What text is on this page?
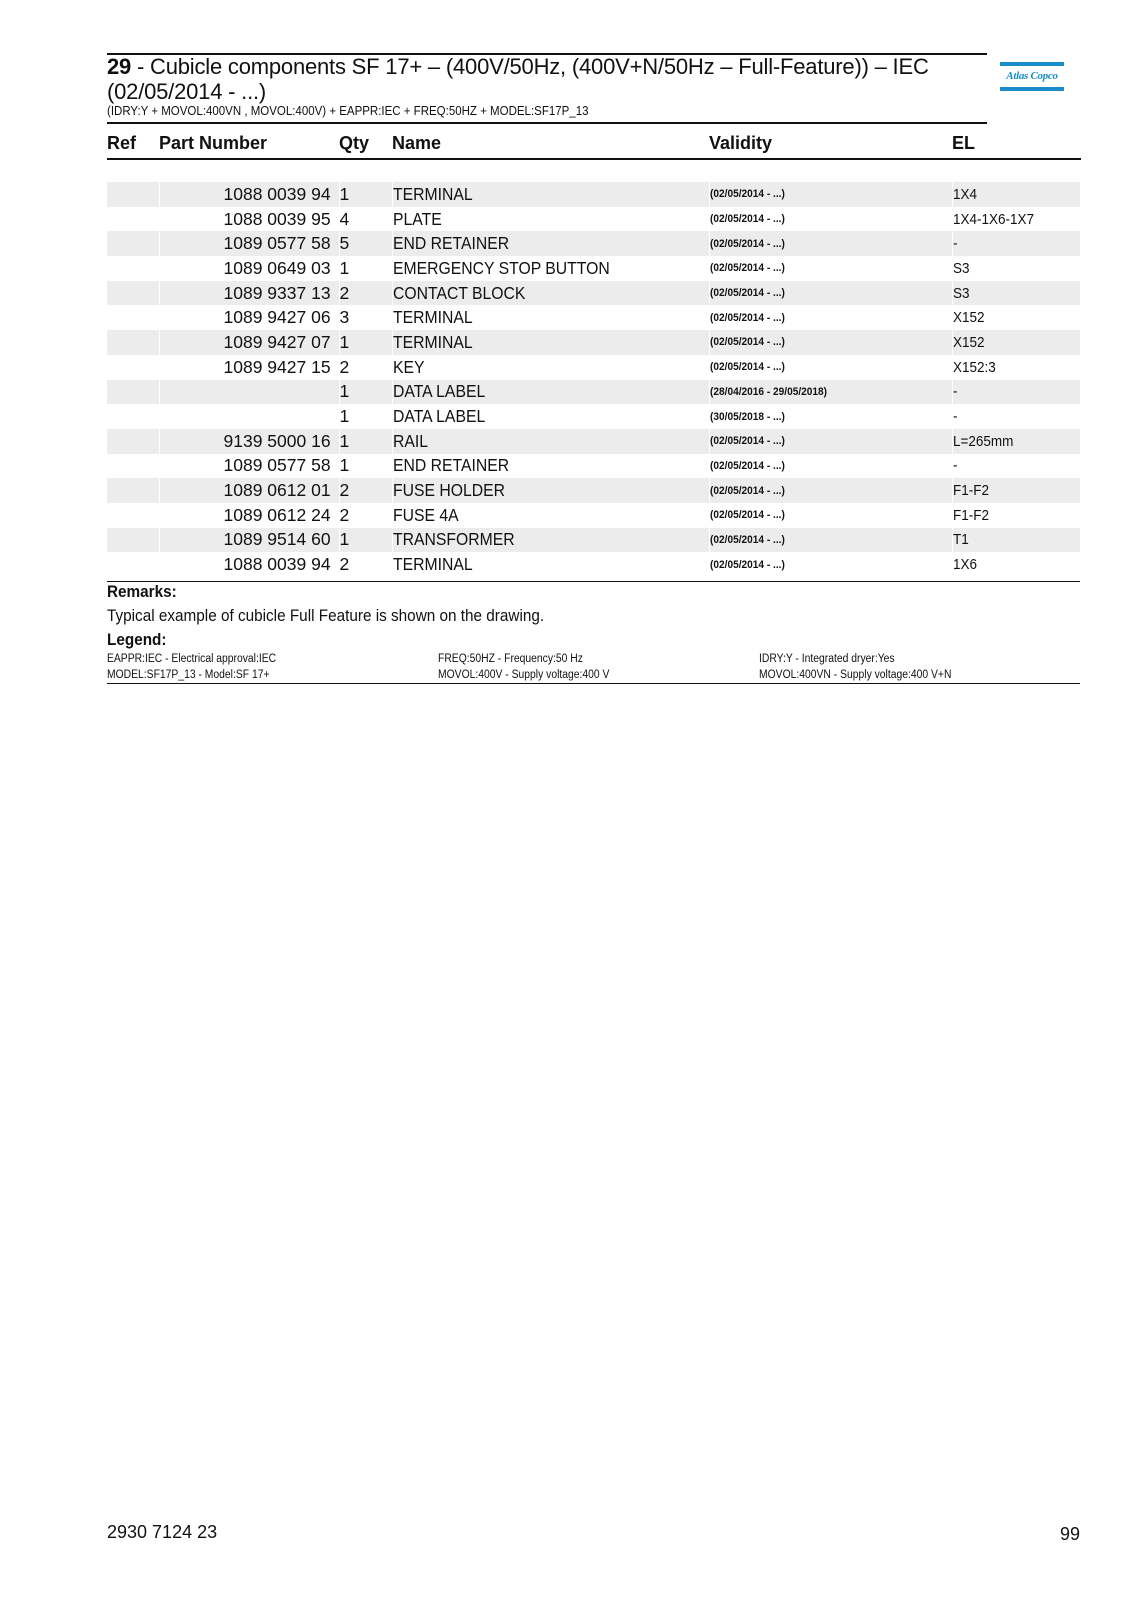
29 - Cubicle components SF 17+ – (400V/50Hz, (400V+N/50Hz – Full-Feature)) – IEC (02/05/2014 - ...)
(IDRY:Y + MOVOL:400VN , MOVOL:400V) + EAPPR:IEC + FREQ:50HZ + MODEL:SF17P_13
Atlas Copco
Ref	Part Number	Qty	Name	Validity	EL

	1088 0039 94	1	TERMINAL	(02/05/2014 - ...)	1X4
	1088 0039 95	4	PLATE	(02/05/2014 - ...)	1X4-1X6-1X7
	1089 0577 58	5	END RETAINER	(02/05/2014 - ...)	-
	1089 0649 03	1	EMERGENCY STOP BUTTON	(02/05/2014 - ...)	S3
	1089 9337 13	2	CONTACT BLOCK	(02/05/2014 - ...)	S3
	1089 9427 06	3	TERMINAL	(02/05/2014 - ...)	X152
	1089 9427 07	1	TERMINAL	(02/05/2014 - ...)	X152
	1089 9427 15	2	KEY	(02/05/2014 - ...)	X152:3
		1	DATA LABEL	(28/04/2016 - 29/05/2018)	-
		1	DATA LABEL	(30/05/2018 - ...)	-
	9139 5000 16	1	RAIL	(02/05/2014 - ...)	L=265mm
	1089 0577 58	1	END RETAINER	(02/05/2014 - ...)	-
	1089 0612 01	2	FUSE HOLDER	(02/05/2014 - ...)	F1-F2
	1089 0612 24	2	FUSE 4A	(02/05/2014 - ...)	F1-F2
	1089 9514 60	1	TRANSFORMER	(02/05/2014 - ...)	T1
	1088 0039 94	2	TERMINAL	(02/05/2014 - ...)	1X6
Remarks:
Typical example of cubicle Full Feature is shown on the drawing.
Legend:
EAPPR:IEC - Electrical approval:IEC	FREQ:50HZ - Frequency:50 Hz	IDRY:Y - Integrated dryer:Yes
MODEL:SF17P_13 - Model:SF 17+	MOVOL:400V - Supply voltage:400 V	MOVOL:400VN - Supply voltage:400 V+N
2930 7124 23	99
